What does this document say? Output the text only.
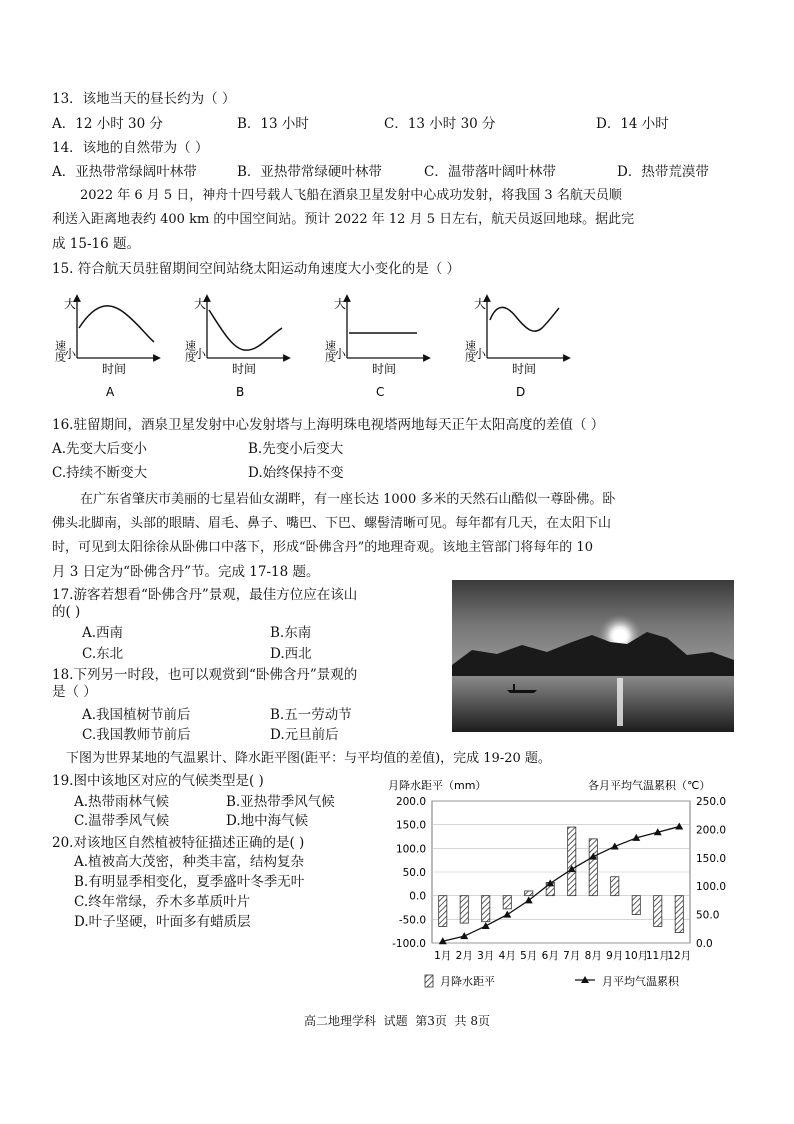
13．该地当天的昼长约为（ ）
A．12 小时 30 分	B．13 小时	C．13 小时 30 分	D．14 小时
14．该地的自然带为（ ）
A．亚热带常绿阔叶林带	B．亚热带常绿硬叶林带	C．温带落叶阔叶林带	D．热带荒漠带
2022 年 6 月 5 日，神舟十四号载人飞船在酒泉卫星发射中心成功发射，将我国 3 名航天员顺
利送入距离地表约 400 km 的中国空间站。预计 2022 年 12 月 5 日左右，航天员返回地球。据此完
成 15-16 题。
15. 符合航天员驻留期间空间站绕太阳运动角速度大小变化的是（ ）
大
小
速度
时间
A
大
小
速度
时间
B
大
小
速度
时间
C
大
小
速度
时间
D
16.驻留期间，酒泉卫星发射中心发射塔与上海明珠电视塔两地每天正午太阳高度的差值（ ）
A.先变大后变小	B.先变小后变大
C.持续不断变大	D.始终保持不变
在广东省肇庆市美丽的七星岩仙女湖畔，有一座长达 1000 多米的天然石山酷似一尊卧佛。卧
佛头北脚南，头部的眼睛、眉毛、鼻子、嘴巴、下巴、螺髻清晰可见。每年都有几天，在太阳下山
时，可见到太阳徐徐从卧佛口中落下，形成“卧佛含丹”的地理奇观。该地主管部门将每年的 10
月 3 日定为“卧佛含丹”节。完成 17-18 题。
17.游客若想看“卧佛含丹”景观，最佳方位应在该山
的( )
A.西南	B.东南
C.东北	D.西北
18.下列另一时段，也可以观赏到“卧佛含丹”景观的
是（ ）
A.我国植树节前后	B.五一劳动节
C.我国教师节前后	D.元旦前后
下图为世界某地的气温累计、降水距平图(距平：与平均值的差值)，完成 19-20 题。
19.图中该地区对应的气候类型是( )
A.热带雨林气候	B.亚热带季风气候
C.温带季风气候	D.地中海气候
20.对该地区自然植被特征描述正确的是( )
A.植被高大茂密，种类丰富，结构复杂
B.有明显季相变化，夏季盛叶冬季无叶
C.终年常绿，乔木多革质叶片
D.叶子坚硬，叶面多有蜡质层
月降水距平（mm）	各月平均气温累积（℃）
200.0
150.0
100.0
50.0
0.0
-50.0
-100.0
250.0
200.0
150.0
100.0
50.0
0.0
1月 2月 3月 4月 5月 6月 7月 8月 9月 10月
11月
12月
月降水距平	月平均气温累积
高二地理学科  试题  第3页  共 8页
